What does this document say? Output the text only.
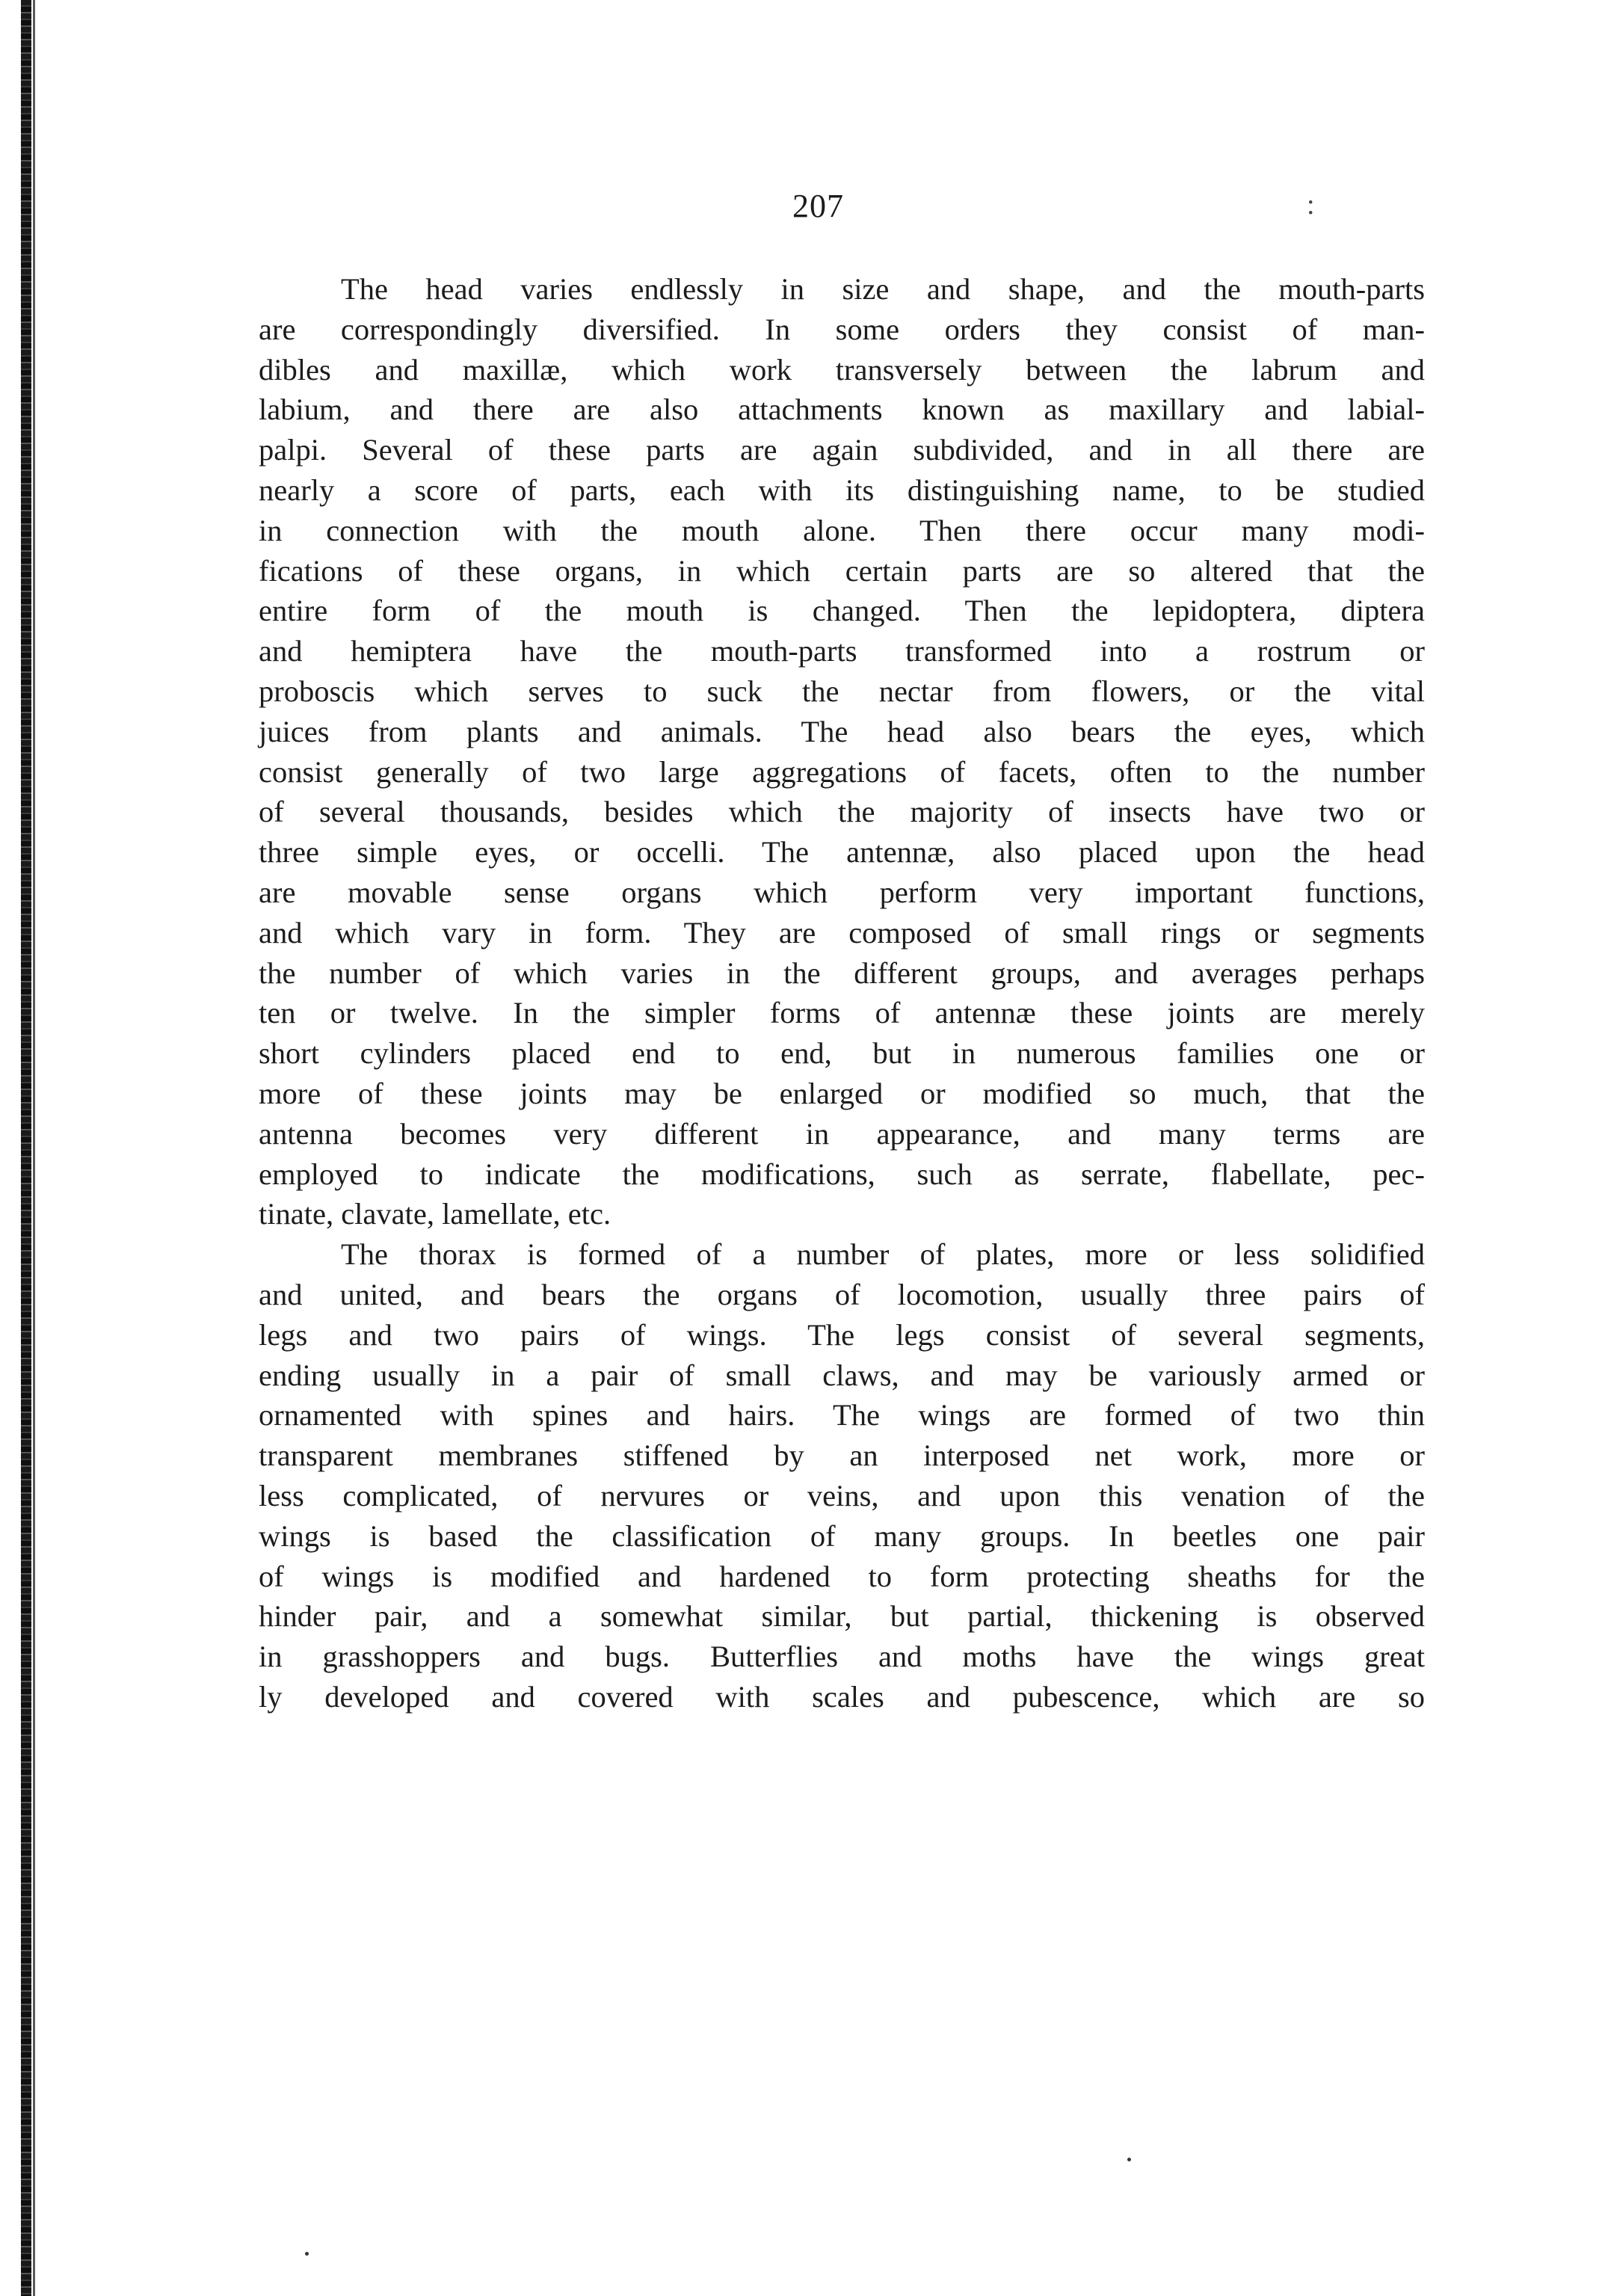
207	:
The head varies endlessly in size and shape, and the mouth-parts
are correspondingly diversified. In some orders they consist of man-
dibles and maxillæ, which work transversely between the labrum and
labium, and there are also attachments known as maxillary and labial-
palpi. Several of these parts are again subdivided, and in all there are
nearly a score of parts, each with its distinguishing name, to be studied
in connection with the mouth alone. Then there occur many modi-
fications of these organs, in which certain parts are so altered that the
entire form of the mouth is changed. Then the lepidoptera, diptera
and hemiptera have the mouth-parts transformed into a rostrum or
proboscis which serves to suck the nectar from flowers, or the vital
juices from plants and animals. The head also bears the eyes, which
consist generally of two large aggregations of facets, often to the number
of several thousands, besides which the majority of insects have two or
three simple eyes, or occelli. The antennæ, also placed upon the head
are movable sense organs which perform very important functions,
and which vary in form. They are composed of small rings or segments
the number of which varies in the different groups, and averages perhaps
ten or twelve. In the simpler forms of antennæ these joints are merely
short cylinders placed end to end, but in numerous families one or
more of these joints may be enlarged or modified so much, that the
antenna becomes very different in appearance, and many terms are
employed to indicate the modifications, such as serrate, flabellate, pec-
tinate, clavate, lamellate, etc.
The thorax is formed of a number of plates, more or less solidified
and united, and bears the organs of locomotion, usually three pairs of
legs and two pairs of wings. The legs consist of several segments,
ending usually in a pair of small claws, and may be variously armed or
ornamented with spines and hairs. The wings are formed of two thin
transparent membranes stiffened by an interposed net work, more or
less complicated, of nervures or veins, and upon this venation of the
wings is based the classification of many groups. In beetles one pair
of wings is modified and hardened to form protecting sheaths for the
hinder pair, and a somewhat similar, but partial, thickening is observed
in grasshoppers and bugs. Butterflies and moths have the wings great
ly developed and covered with scales and pubescence, which are so
